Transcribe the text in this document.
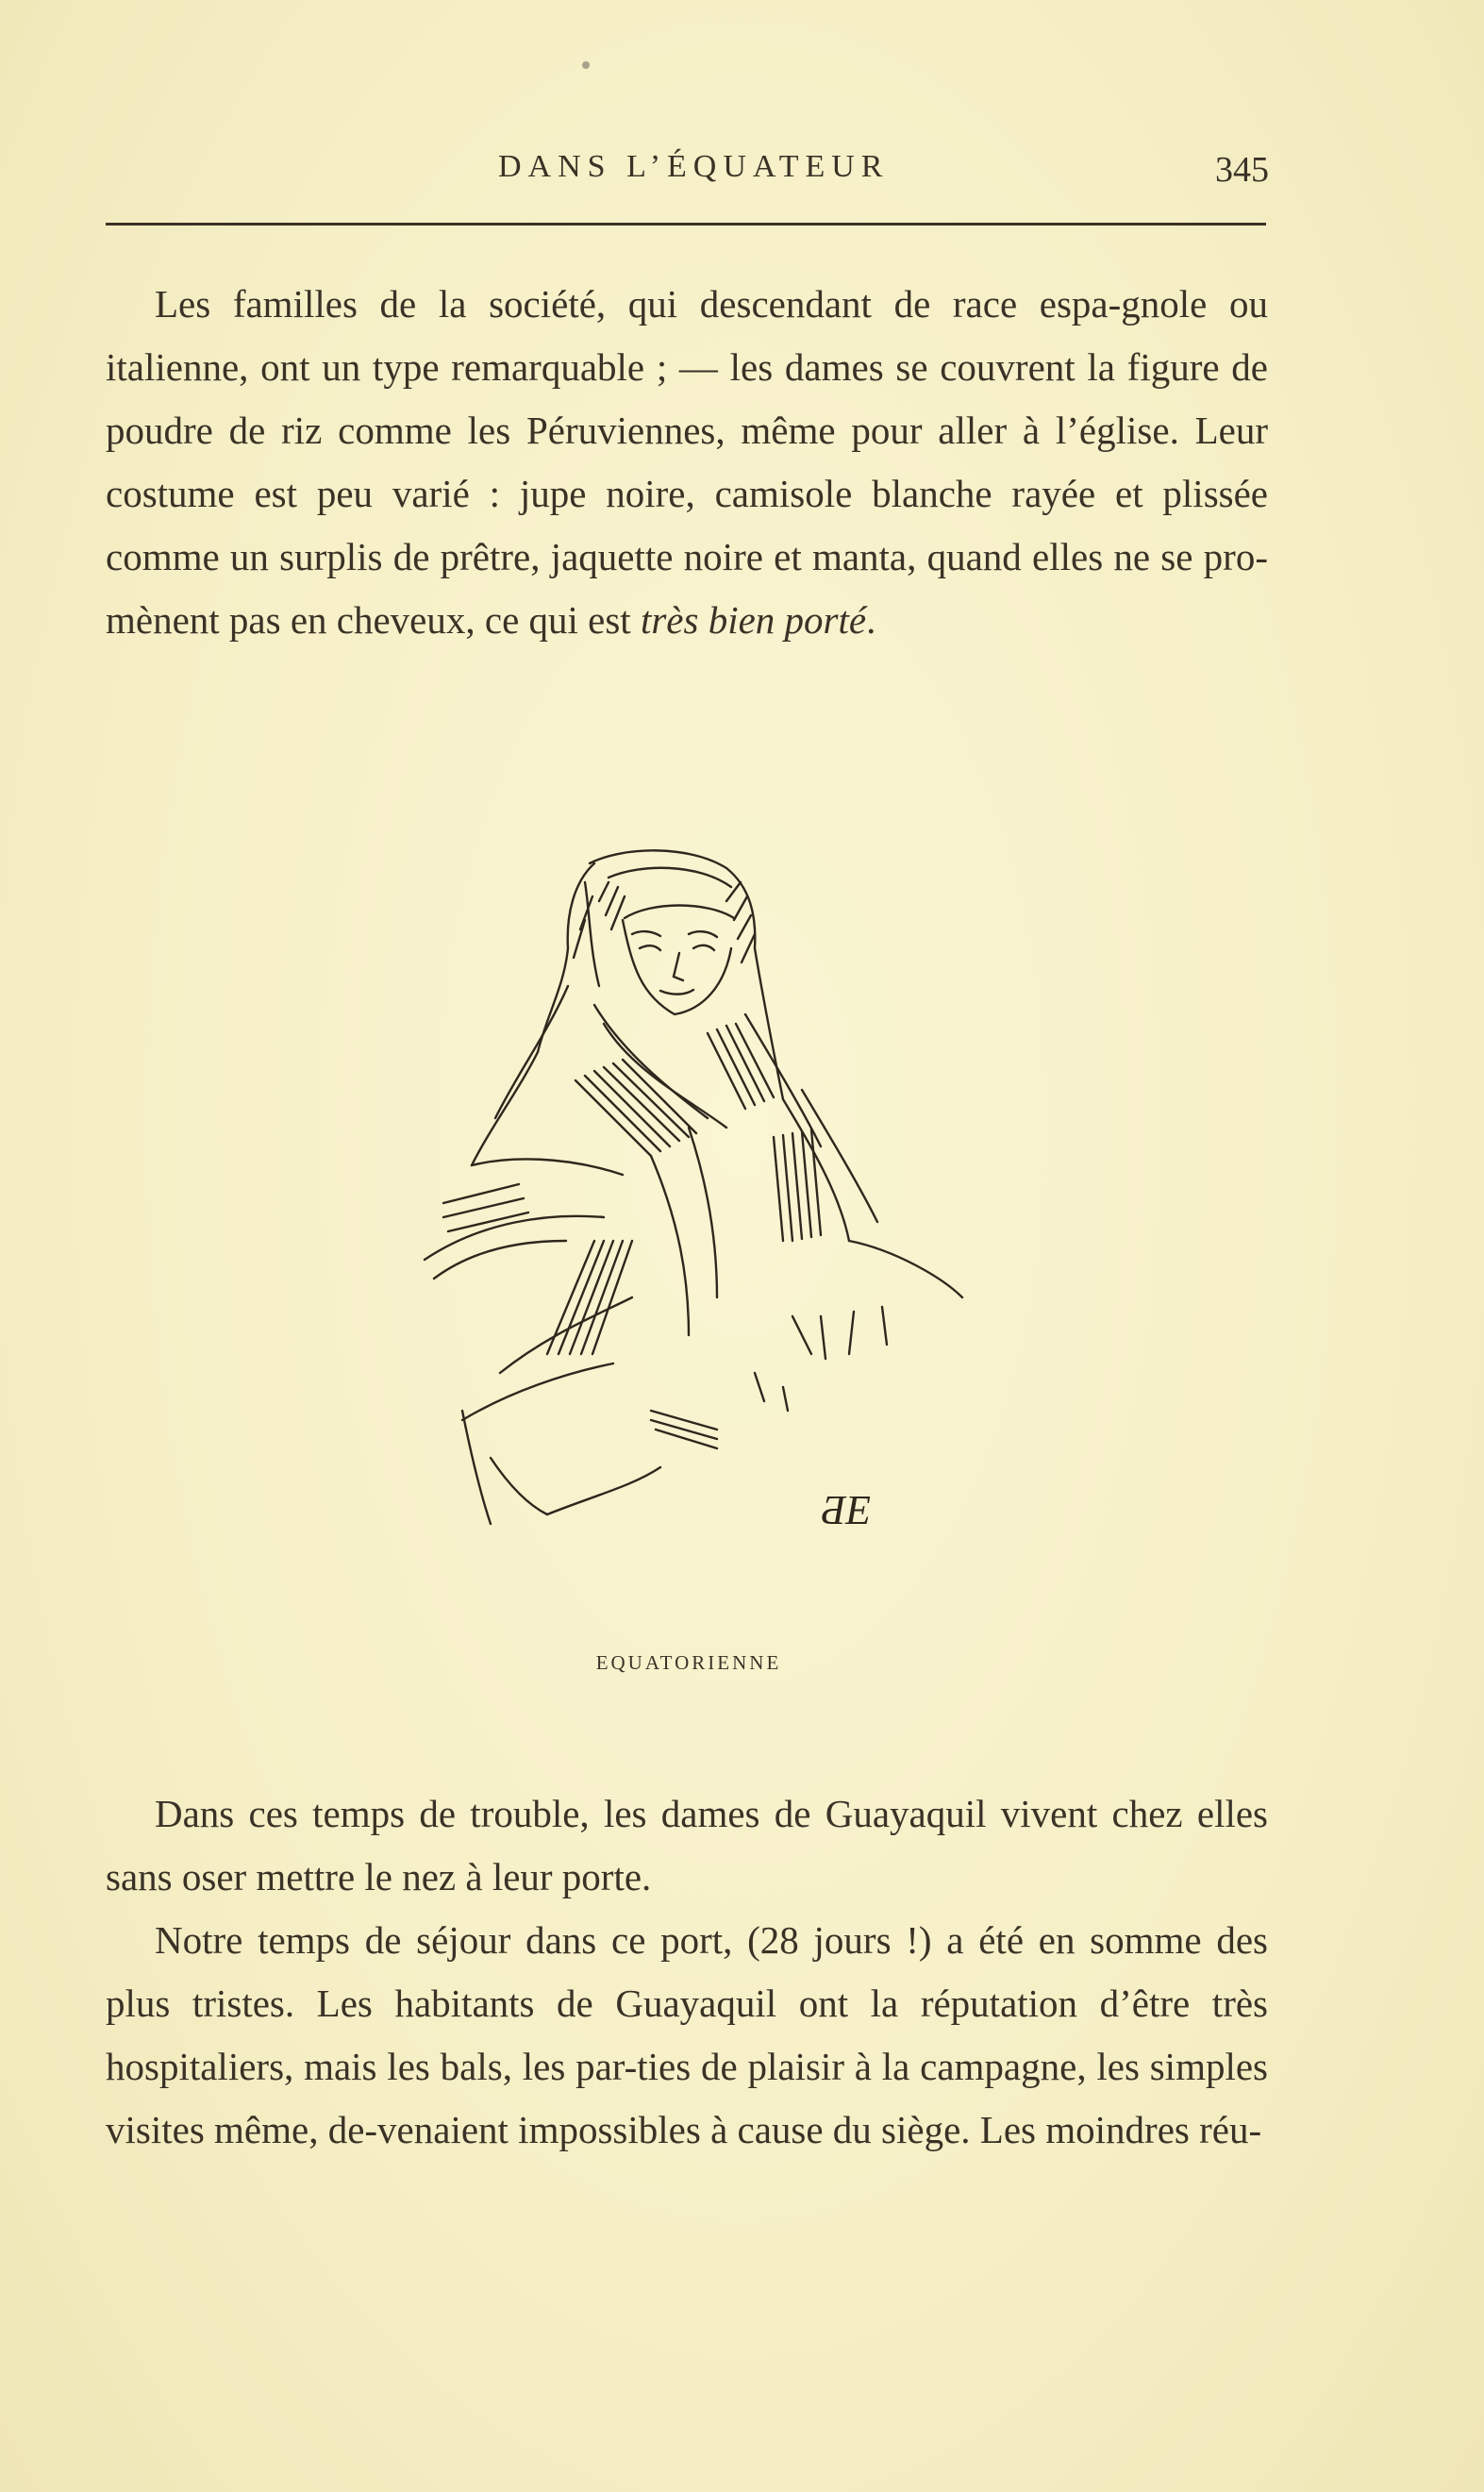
DANS L’ÉQUATEUR	345

Les familles de la société, qui descendant de race espa-gnole ou italienne, ont un type remarquable ; — les dames se couvrent la figure de poudre de riz comme les Péruviennes, même pour aller à l’église. Leur costume est peu varié : jupe noire, camisole blanche rayée et plissée comme un surplis de prêtre, jaquette noire et manta, quand elles ne se pro-mènent pas en cheveux, ce qui est très bien porté.

ƋE
EQUATORIENNE

Dans ces temps de trouble, les dames de Guayaquil vivent chez elles sans oser mettre le nez à leur porte.

Notre temps de séjour dans ce port, (28 jours !) a été en somme des plus tristes. Les habitants de Guayaquil ont la réputation d’être très hospitaliers, mais les bals, les par-ties de plaisir à la campagne, les simples visites même, de-venaient impossibles à cause du siège. Les moindres réu-
